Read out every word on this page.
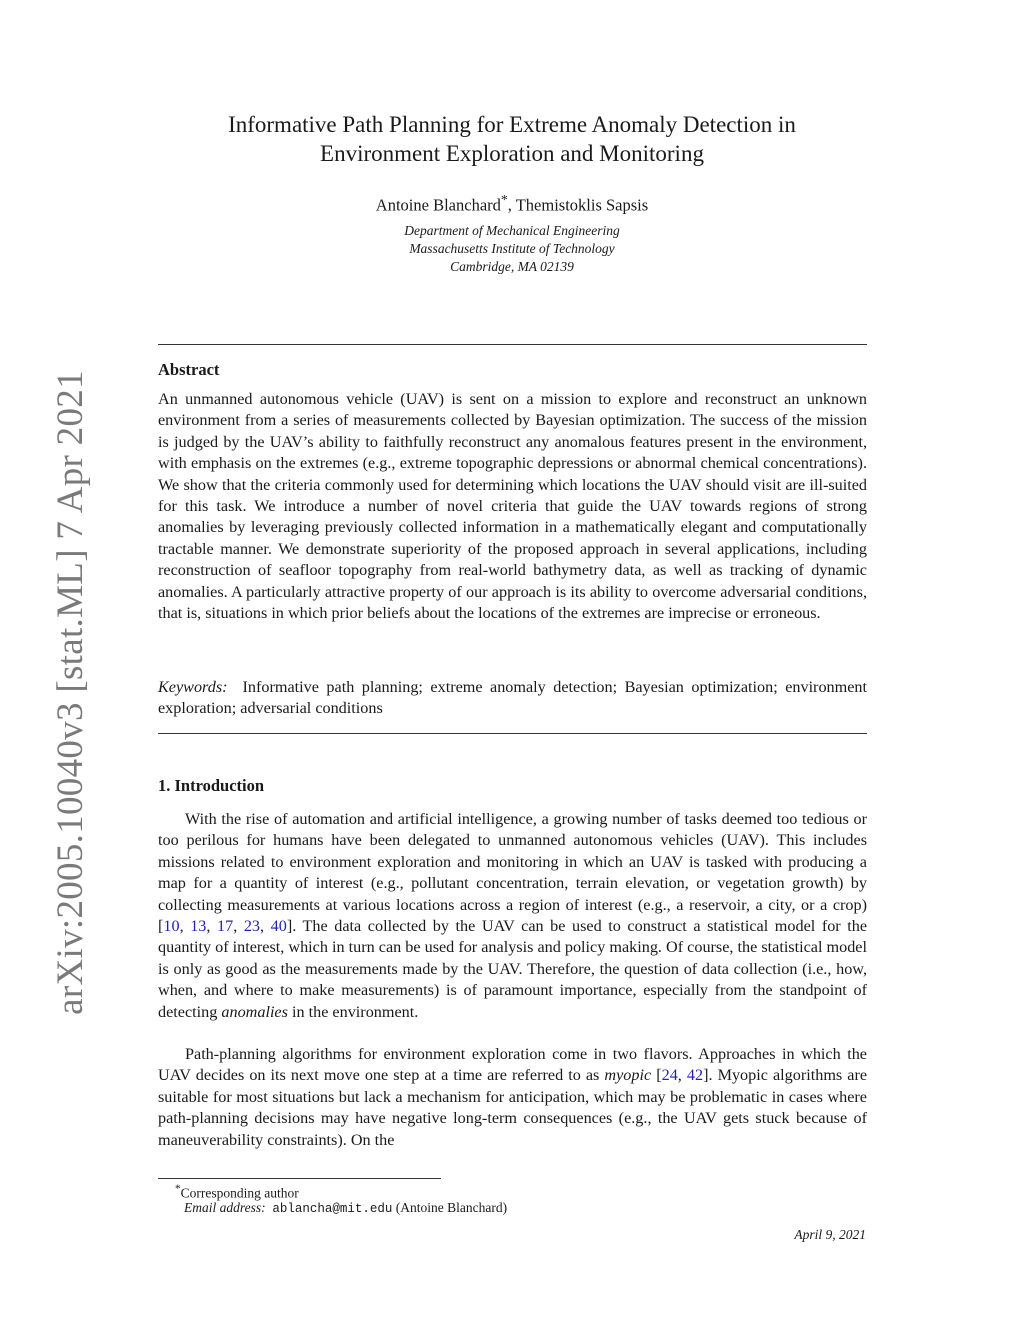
arXiv:2005.10040v3 [stat.ML] 7 Apr 2021
Informative Path Planning for Extreme Anomaly Detection in
Environment Exploration and Monitoring
Antoine Blanchard*, Themistoklis Sapsis
Department of Mechanical Engineering
Massachusetts Institute of Technology
Cambridge, MA 02139
Abstract

An unmanned autonomous vehicle (UAV) is sent on a mission to explore and reconstruct an unknown environment from a series of measurements collected by Bayesian optimization. The success of the mission is judged by the UAV’s ability to faithfully reconstruct any anomalous features present in the environment, with emphasis on the extremes (e.g., extreme topographic depressions or abnormal chemical concentrations). We show that the criteria commonly used for determining which locations the UAV should visit are ill-suited for this task. We introduce a number of novel criteria that guide the UAV towards regions of strong anomalies by leveraging previously collected information in a mathematically elegant and computationally tractable manner. We demonstrate superiority of the proposed approach in several applications, including reconstruction of seafloor topography from real-world bathymetry data, as well as tracking of dynamic anomalies. A particularly attractive property of our approach is its ability to overcome adversarial conditions, that is, situations in which prior beliefs about the locations of the extremes are imprecise or erroneous.

Keywords: Informative path planning; extreme anomaly detection; Bayesian optimization; environment exploration; adversarial conditions

1. Introduction

With the rise of automation and artificial intelligence, a growing number of tasks deemed too tedious or too perilous for humans have been delegated to unmanned autonomous vehicles (UAV). This includes missions related to environment exploration and monitoring in which an UAV is tasked with producing a map for a quantity of interest (e.g., pollutant concentration, terrain elevation, or vegetation growth) by collecting measurements at various locations across a region of interest (e.g., a reservoir, a city, or a crop) [10, 13, 17, 23, 40]. The data collected by the UAV can be used to construct a statistical model for the quantity of interest, which in turn can be used for analysis and policy making. Of course, the statistical model is only as good as the measurements made by the UAV. Therefore, the question of data collection (i.e., how, when, and where to make measurements) is of paramount importance, especially from the standpoint of detecting anomalies in the environment.

Path-planning algorithms for environment exploration come in two flavors. Approaches in which the UAV decides on its next move one step at a time are referred to as myopic [24, 42]. Myopic algorithms are suitable for most situations but lack a mechanism for anticipation, which may be problematic in cases where path-planning decisions may have negative long-term consequences (e.g., the UAV gets stuck because of maneuverability constraints). On the

*Corresponding author
Email address: ablancha@mit.edu (Antoine Blanchard)
April 9, 2021
